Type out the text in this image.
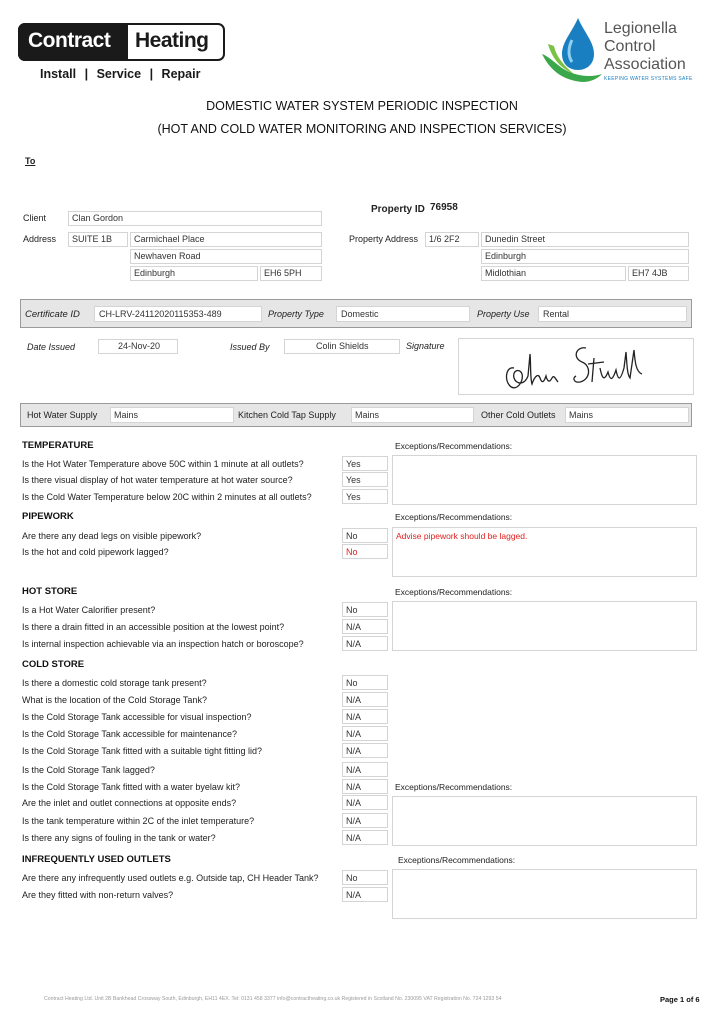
Contract Heating
Install | Service | Repair
Legionella
Control
Association
KEEPING WATER SYSTEMS SAFE
DOMESTIC WATER SYSTEM PERIODIC INSPECTION
(HOT AND COLD WATER MONITORING AND INSPECTION SERVICES)
To
Property ID 76958
Client	Clan Gordon
Address SUITE 1B Carmichael Place
Newhaven Road
Edinburgh	EH6 5PH
Property Address 1/6 2F2	Dunedin Street
Edinburgh
Midlothian	EH7 4JB
Certificate ID CH-LRV-24112020115353-489	Property Type Domestic	Property Use Rental
Date Issued	24-Nov-20	Issued By	Colin Shields	Signature
Hot Water Supply Mains	Kitchen Cold Tap Supply Mains	Other Cold Outlets Mains
TEMPERATURE	Exceptions/Recommendations:
Is the Hot Water Temperature above 50C within 1 minute at all outlets?	Yes
Is there visual display of hot water temperature at hot water source?	Yes
Is the Cold Water Temperature below 20C within 2 minutes at all outlets?	Yes
PIPEWORK	Exceptions/Recommendations:
Advise pipework should be lagged.
Are there any dead legs on visible pipework?	No
Is the hot and cold pipework lagged?	No
HOT STORE	Exceptions/Recommendations:
Is a Hot Water Calorifier present?	No
Is there a drain fitted in an accessible position at the lowest point?	N/A
Is internal inspection achievable via an inspection hatch or boroscope?	N/A
COLD STORE
Is there a domestic cold storage tank present?	No
What is the location of the Cold Storage Tank?	N/A
Is the Cold Storage Tank accessible for visual inspection?	N/A
Is the Cold Storage Tank accessible for maintenance?	N/A
Is the Cold Storage Tank fitted with a suitable tight fitting lid?	N/A
Is the Cold Storage Tank lagged?	N/A
Exceptions/Recommendations:
Is the Cold Storage Tank fitted with a water byelaw kit?	N/A
Are the inlet and outlet connections at opposite ends?	N/A
Is the tank temperature within 2C of the inlet temperature?	N/A
Is there any signs of fouling in the tank or water?	N/A
INFREQUENTLY USED OUTLETS	Exceptions/Recommendations:
Are there any infrequently used outlets e.g. Outside tap, CH Header Tank?	No
Are they fitted with non-return valves?	N/A
Contract Heating Ltd. Unit 2B Bankhead Crossway South, Edinburgh, EH11 4EX. Tel: 0131 458 3377 info@contractheating.co.uk Registered in Scotland No. 230095 VAT Registration No. 724 1293 54	Page 1 of 6
